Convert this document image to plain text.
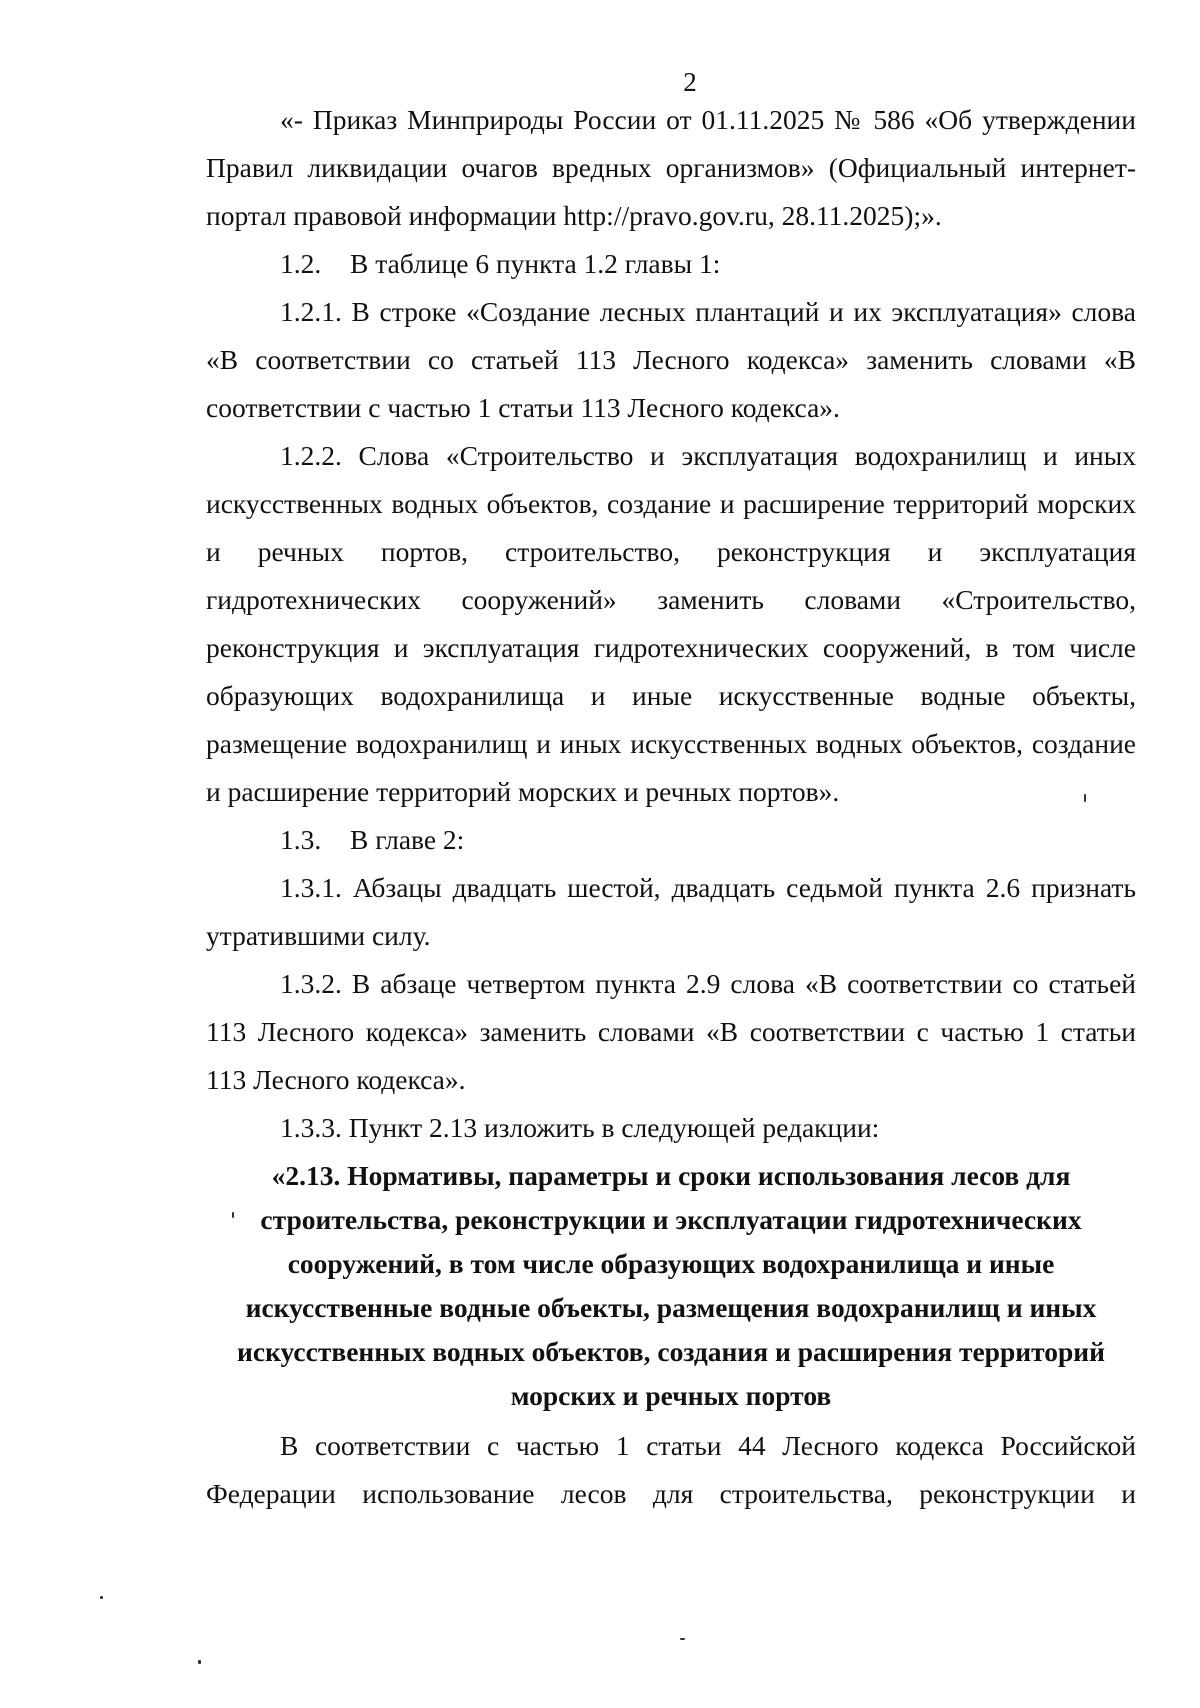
2

«- Приказ Минприроды России от 01.11.2025 № 586 «Об утверждении Правил ликвидации очагов вредных организмов» (Официальный интернет-портал правовой информации http://pravo.gov.ru, 28.11.2025);».

1.2. В таблице 6 пункта 1.2 главы 1:

1.2.1. В строке «Создание лесных плантаций и их эксплуатация» слова «В соответствии со статьей 113 Лесного кодекса» заменить словами «В соответствии с частью 1 статьи 113 Лесного кодекса».

1.2.2. Слова «Строительство и эксплуатация водохранилищ и иных искусственных водных объектов, создание и расширение территорий морских и речных портов, строительство, реконструкция и эксплуатация гидротехнических сооружений» заменить словами «Строительство, реконструкция и эксплуатация гидротехнических сооружений, в том числе образующих водохранилища и иные искусственные водные объекты, размещение водохранилищ и иных искусственных водных объектов, создание и расширение территорий морских и речных портов».

1.3. В главе 2:

1.3.1. Абзацы двадцать шестой, двадцать седьмой пункта 2.6 признать утратившими силу.

1.3.2. В абзаце четвертом пункта 2.9 слова «В соответствии со статьей 113 Лесного кодекса» заменить словами «В соответствии с частью 1 статьи 113 Лесного кодекса».

1.3.3. Пункт 2.13 изложить в следующей редакции:

«2.13. Нормативы, параметры и сроки использования лесов для

строительства, реконструкции и эксплуатации гидротехнических

сооружений, в том числе образующих водохранилища и иные

искусственные водные объекты, размещения водохранилищ и иных

искусственных водных объектов, создания и расширения территорий

морских и речных портов

В соответствии с частью 1 статьи 44 Лесного кодекса Российской Федерации использование лесов для строительства, реконструкции и
